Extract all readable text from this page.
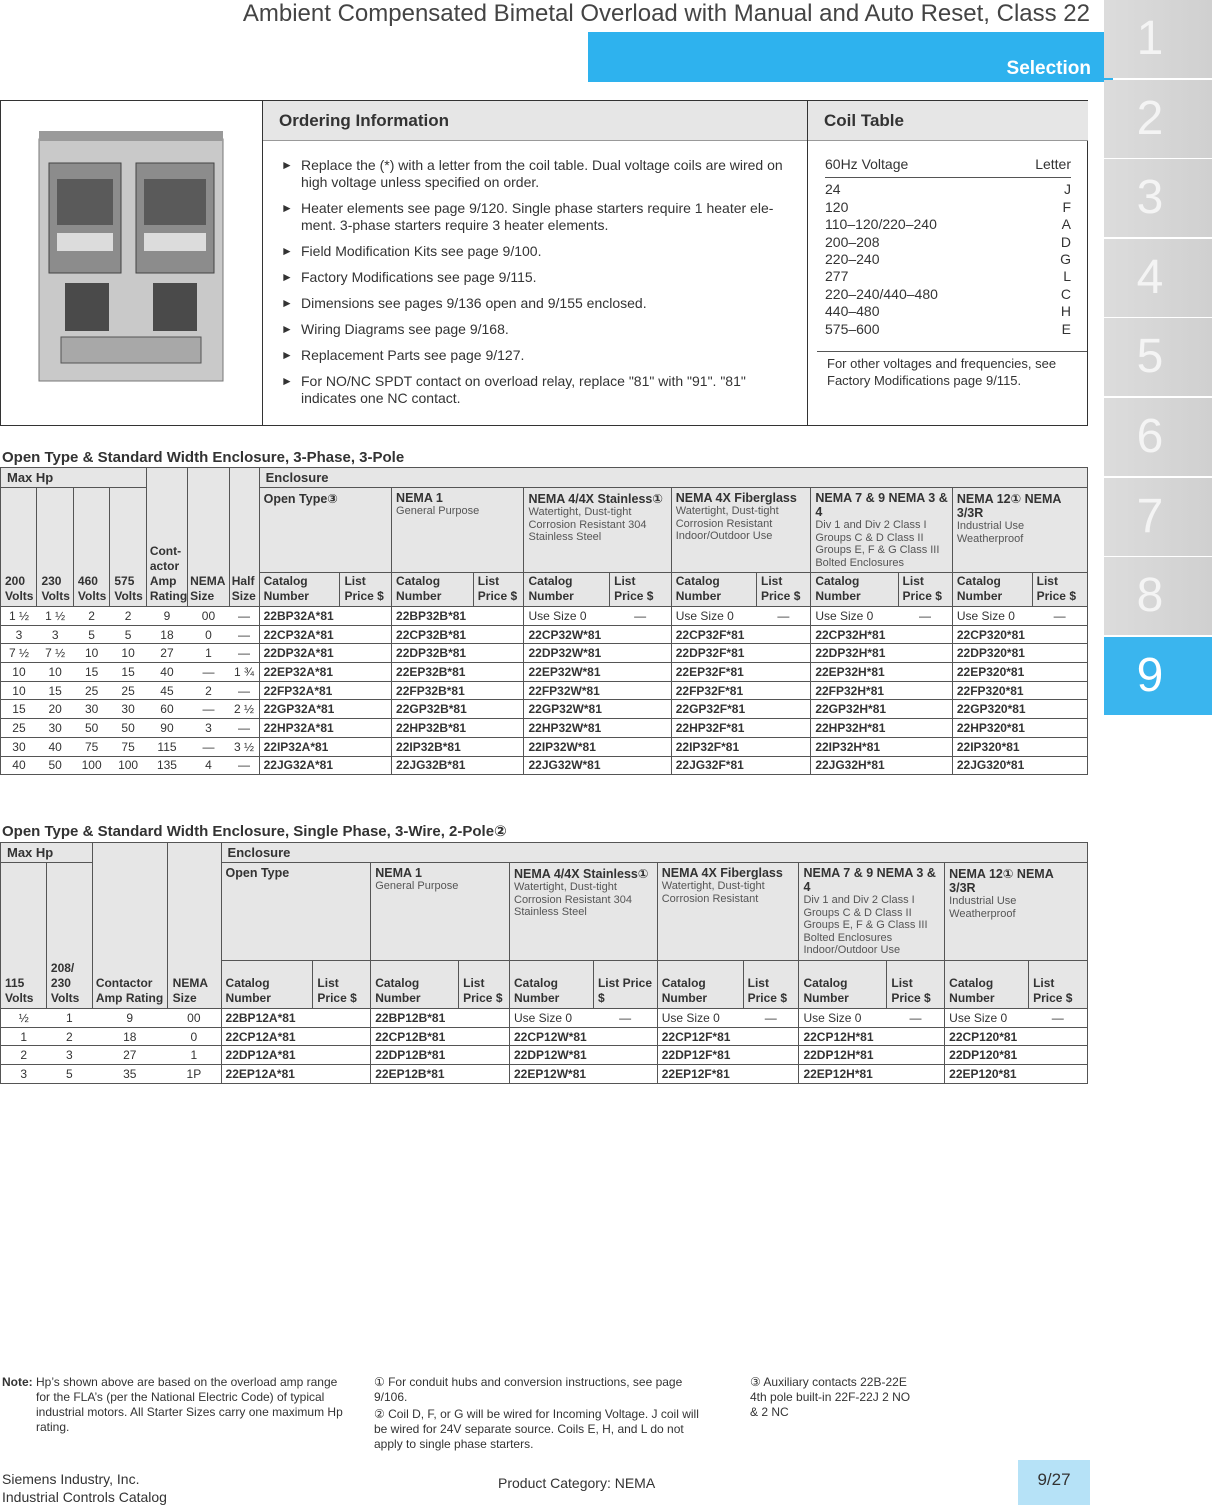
Ambient Compensated Bimetal Overload with Manual and Auto Reset, Class 22
Selection
1
2
3
4
5
6
7
8
9
Ordering Information	Coil Table
► Replace the (*) with a letter from the coil table. Dual voltage coils are wired on high voltage unless specified on order.
► Heater elements see page 9/120. Single phase starters require 1 heater ele-ment. 3-phase starters require 3 heater elements.
► Field Modification Kits see page 9/100.
► Factory Modifications see page 9/115.
► Dimensions see pages 9/136 open and 9/155 enclosed.
► Wiring Diagrams see page 9/168.
► Replacement Parts see page 9/127.
► For NO/NC SPDT contact on overload relay, replace "81" with "91". "81" indicates one NC contact.
60Hz Voltage	Letter
24	J
120	F
110–120/220–240	A
200–208	D
220–240	G
277	L
220–240/440–480	C
440–480	H
575–600	E
For other voltages and frequencies, see Factory Modifications page 9/115.
Open Type & Standard Width Enclosure, 3-Phase, 3-Pole
Max Hp				Cont-actor Amp Rating	NEMA Size	Half Size	Enclosure											

							Open Type③		NEMA 1
General Purpose		NEMA 4/4X Stainless①
Watertight, Dust-tight Corrosion Resistant 304 Stainless Steel		NEMA 4X Fiberglass
Watertight, Dust-tight Corrosion Resistant Indoor/Outdoor Use		NEMA 7 & 9 NEMA 3 & 4
Div 1 and Div 2 Class I Groups C & D Class II Groups E, F & G Class III Bolted Enclosures		NEMA 12① NEMA 3/3R
Industrial Use Weatherproof	

200 Volts	230 Volts	460 Volts	575 Volts				Catalog Number	List Price $	Catalog Number	List Price $	Catalog Number	List Price $	Catalog Number	List Price $	Catalog Number	List Price $	Catalog Number	List Price $
1 ½	1 ½	2	2	9	00	—	22BP32A*81		22BP32B*81		Use Size 0	—	Use Size 0	—	Use Size 0	—	Use Size 0	—
3	3	5	5	18	0	—	22CP32A*81		22CP32B*81		22CP32W*81		22CP32F*81		22CP32H*81		22CP320*81	
7 ½	7 ½	10	10	27	1	—	22DP32A*81		22DP32B*81		22DP32W*81		22DP32F*81		22DP32H*81		22DP320*81	
10	10	15	15	40	—	1 ¾	22EP32A*81		22EP32B*81		22EP32W*81		22EP32F*81		22EP32H*81		22EP320*81	
10	15	25	25	45	2	—	22FP32A*81		22FP32B*81		22FP32W*81		22FP32F*81		22FP32H*81		22FP320*81	
15	20	30	30	60	—	2 ½	22GP32A*81		22GP32B*81		22GP32W*81		22GP32F*81		22GP32H*81		22GP320*81	
25	30	50	50	90	3	—	22HP32A*81		22HP32B*81		22HP32W*81		22HP32F*81		22HP32H*81		22HP320*81	
30	40	75	75	115	—	3 ½	22IP32A*81		22IP32B*81		22IP32W*81		22IP32F*81		22IP32H*81		22IP320*81	
40	50	100	100	135	4	—	22JG32A*81		22JG32B*81		22JG32W*81		22JG32F*81		22JG32H*81		22JG320*81	
Open Type & Standard Width Enclosure, Single Phase, 3-Wire, 2-Pole②
Max Hp		Contactor Amp Rating	NEMA Size	Enclosure											

				Open Type		NEMA 1
General Purpose		NEMA 4/4X Stainless①
Watertight, Dust-tight Corrosion Resistant 304 Stainless Steel		NEMA 4X Fiberglass
Watertight, Dust-tight Corrosion Resistant		NEMA 7 & 9 NEMA 3 & 4
Div 1 and Div 2 Class I Groups C & D Class II Groups E, F & G Class III Bolted Enclosures Indoor/Outdoor Use		NEMA 12① NEMA 3/3R
Industrial Use Weatherproof	

115 Volts	208/ 230 Volts			Catalog Number	List Price $	Catalog Number	List Price $	Catalog Number	List Price $	Catalog Number	List Price $	Catalog Number	List Price $	Catalog Number	List Price $
½	1	9	00	22BP12A*81		22BP12B*81		Use Size 0	—	Use Size 0	—	Use Size 0	—	Use Size 0	—
1	2	18	0	22CP12A*81		22CP12B*81		22CP12W*81		22CP12F*81		22CP12H*81		22CP120*81	
2	3	27	1	22DP12A*81		22DP12B*81		22DP12W*81		22DP12F*81		22DP12H*81		22DP120*81	
3	5	35	1P	22EP12A*81		22EP12B*81		22EP12W*81		22EP12F*81		22EP12H*81		22EP120*81	
Note: Hp’s shown above are based on the overload amp range for the FLA’s (per the National Electric Code) of typical industrial motors. All Starter Sizes carry one maximum Hp rating.
① For conduit hubs and conversion instructions, see page 9/106.
② Coil D, F, or G will be wired for Incoming Voltage. J coil will be wired for 24V separate source. Coils E, H, and L do not apply to single phase starters.
③ Auxiliary contacts 22B-22E 4th pole built-in 22F-22J 2 NO & 2 NC
Siemens Industry, Inc.
Industrial Controls Catalog
Product Category: NEMA	9/27
